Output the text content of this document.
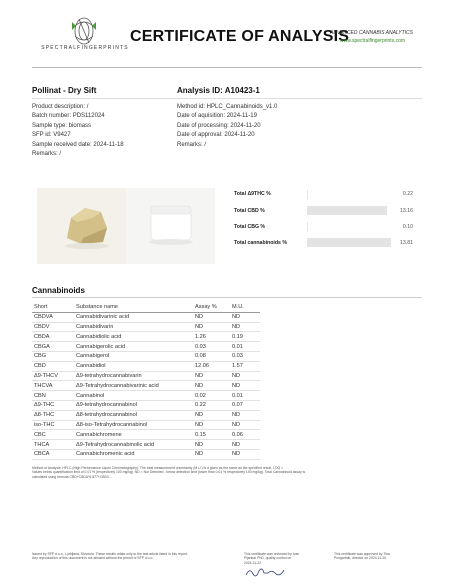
SPECTRALFINGERPRINTS
CERTIFICATE OF ANALYSIS
ADVANCED CANNABIS ANALYTICS
www.spectralfingerprints.com
Pollinat - Dry Sift	Analysis ID: A10423-1
Product description: /
Batch number: PDS112024
Sample type: biomass
SFP id: V9427
Sample received date: 2024-11-18
Remarks: /
Method id: HPLC_Cannabinoids_v1.0
Date of aquisition: 2024-11-19
Date of processing: 2024-11-20
Date of approval: 2024-11-20
Remarks: /
Total Δ9THC %	0.22
Total CBD %	13.16
Total CBG %	0.10
Total cannabinoids %	13.81
Cannabinoids
Short	Substance name	Assay %	M.U.
CBDVA	Cannabidivarinic acid	ND	ND
CBDV	Cannabidivarin	ND	ND
CBDA	Cannabidiolic acid	1.26	0.19
CBGA	Cannabigerolic acid	0.03	0.01
CBG	Cannabigerol	0.08	0.03
CBD	Cannabidiol	12.06	1.57
Δ9-THCV	Δ9-tetrahydrocannabivarin	ND	ND
THCVA	Δ9-Tetrahydrocannabivarinic acid	ND	ND
CBN	Cannabinol	0.02	0.01
Δ9-THC	Δ9-tetrahydrocannabinol	0.22	0.07
Δ8-THC	Δ8-tetrahydrocannabinol	ND	ND
iso-THC	Δ8-iso-Tetrahydrocannabinol	ND	ND
CBC	Cannabichromene	0.15	0.06
THCA	Δ9-Tetrahydrocannabinolic acid	ND	ND
CBCA	Cannabichromenic acid	ND	ND
Method of Analysis: HPLC (High Performance Liquid Chromatography). The total measurement uncertainty (M.U.) is a given as the same as the specified result. LOQ =
Values below quantification limit of 0.01 % (respectively 100 mg/kg). ND = Not Detected - below detection limit (lower than 0.01 % respectively 100 mg/kg). Total Cannabinoid assay is
calculated using formula CBD+CBDA*0.877+CBDV...
Issued by SFP d.o.o., Ljubljana, Slovenia. These results relate only to the test article listed in this report.
Any reproduction of this document is not allowed without the permit of SFP d.o.o.
This certificate was reviewed by Ivan
Pljankar PhD, quality control on
2024-11-22.
This certificate was approved by Tina
Pungartnik, director on 2024-11-20.
